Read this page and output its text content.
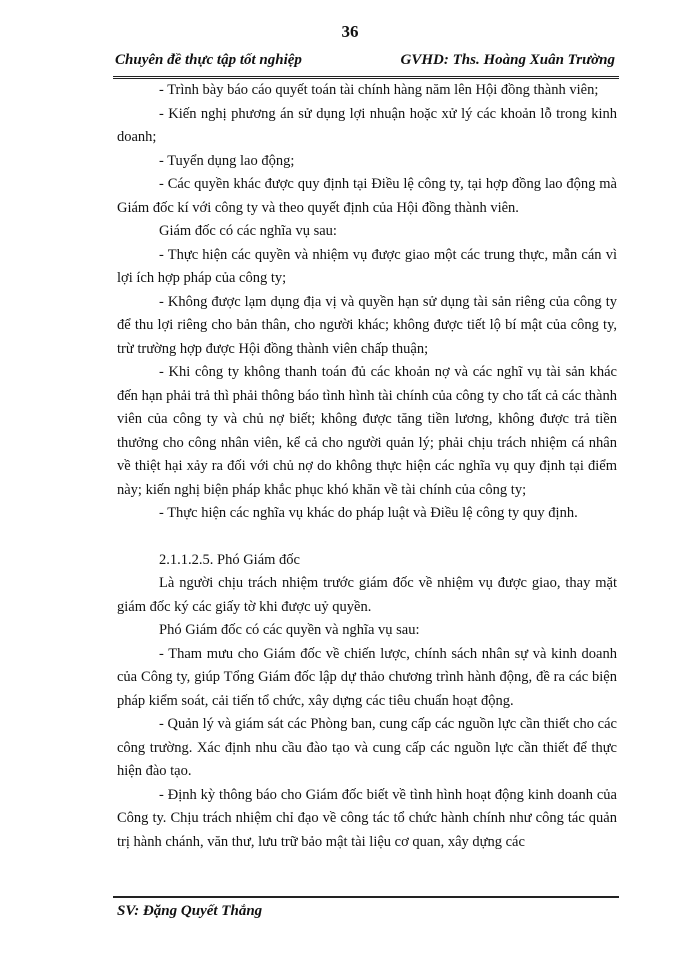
36
Chuyên đề thực tập tốt nghiệp	GVHD: Ths. Hoàng Xuân Trường

- Trình bày báo cáo quyết toán tài chính hàng năm lên Hội đồng thành viên;

- Kiến nghị phương án sử dụng lợi nhuận hoặc xử lý các khoản lỗ trong kinh doanh;

- Tuyển dụng lao động;

- Các quyền khác được quy định tại Điều lệ công ty, tại hợp đồng lao động mà Giám đốc kí với công ty và theo quyết định của Hội đồng thành viên.

Giám đốc có các nghĩa vụ sau:

- Thực hiện các quyền và nhiệm vụ được giao một các trung thực, mẫn cán vì lợi ích hợp pháp của công ty;

- Không được lạm dụng địa vị và quyền hạn sử dụng tài sản riêng của công ty để thu lợi riêng cho bản thân, cho người khác; không được tiết lộ bí mật của công ty, trừ trường hợp được Hội đồng thành viên chấp thuận;

- Khi công ty không thanh toán đủ các khoản nợ và các nghĩ vụ tài sản khác đến hạn phải trả thì phải thông báo tình hình tài chính của công ty cho tất cả các thành viên của công ty và chủ nợ biết; không được tăng tiền lương, không được trả tiền thưởng cho công nhân viên, kể cả cho người quản lý; phải chịu trách nhiệm cá nhân về thiệt hại xảy ra đối với chủ nợ do không thực hiện các nghĩa vụ quy định tại điểm này; kiến nghị biện pháp khắc phục khó khăn về tài chính của công ty;

- Thực hiện các nghĩa vụ khác do pháp luật và Điều lệ công ty quy định.

2.1.1.2.5. Phó Giám đốc

Là người chịu trách nhiệm trước giám đốc về nhiệm vụ được giao, thay mặt giám đốc ký các giấy tờ khi được uỷ quyền.

Phó Giám đốc có các quyền và nghĩa vụ sau:

- Tham mưu cho Giám đốc về chiến lược, chính sách nhân sự và kinh doanh của Công ty, giúp Tổng Giám đốc lập dự thảo chương trình hành động, đề ra các biện pháp kiểm soát, cải tiến tổ chức, xây dựng các tiêu chuẩn hoạt động.

- Quản lý và giám sát các Phòng ban, cung cấp các nguồn lực cần thiết cho các công trường. Xác định nhu cầu đào tạo và cung cấp các nguồn lực cần thiết để thực hiện đào tạo.

- Định kỳ thông báo cho Giám đốc biết về tình hình hoạt động kinh doanh của Công ty. Chịu trách nhiệm chỉ đạo về công tác tổ chức hành chính như công tác quản trị hành chánh, văn thư, lưu trữ bảo mật tài liệu cơ quan, xây dựng các

SV: Đặng Quyết Thắng
